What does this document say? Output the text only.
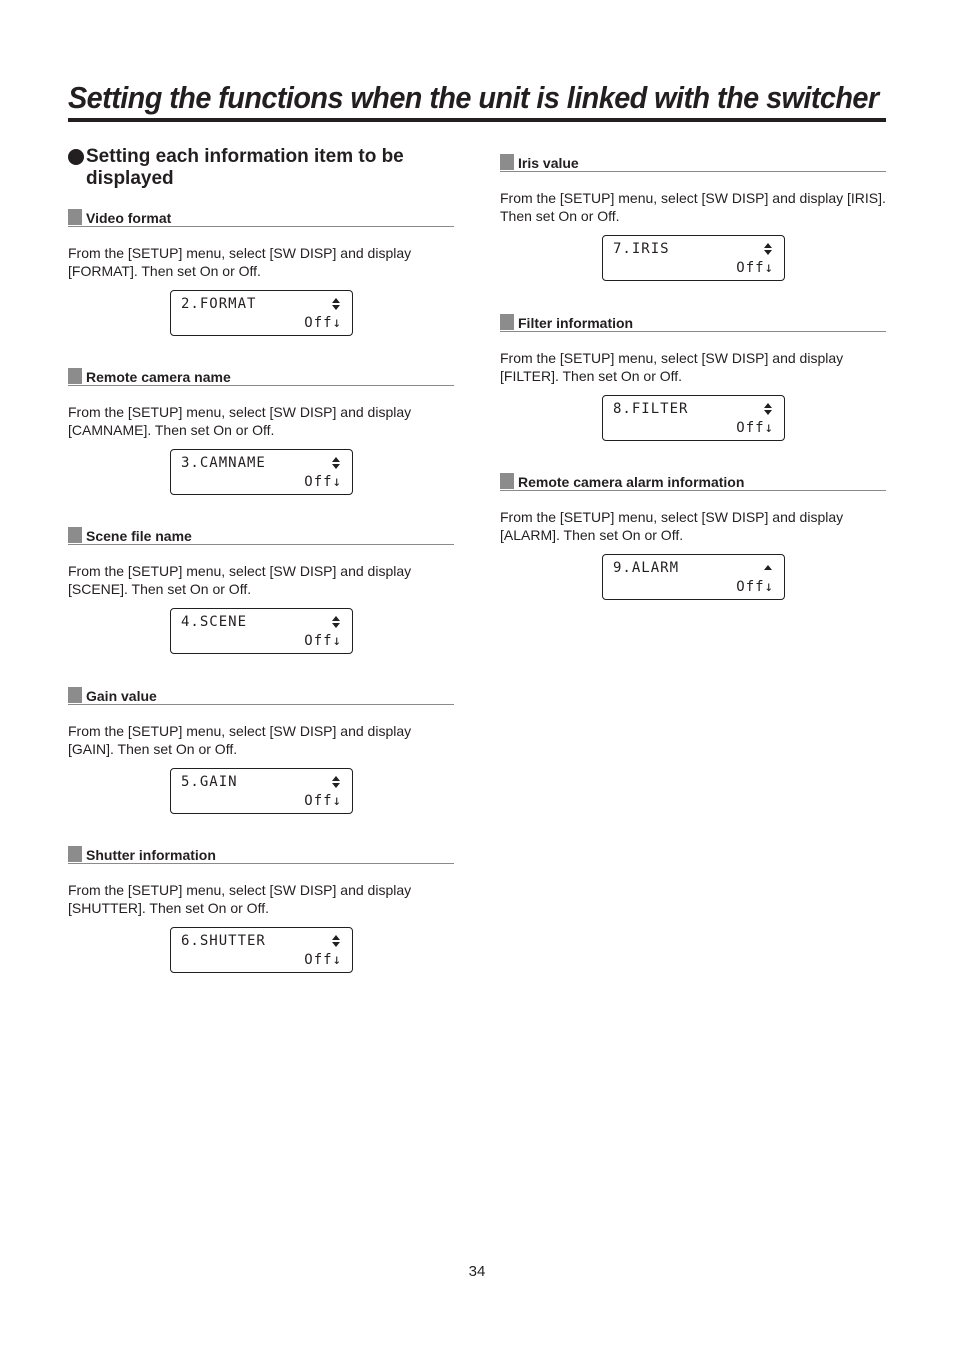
Setting the functions when the unit is linked with the switcher
Setting each information item to be displayed
Video format
From the [SETUP] menu, select [SW DISP] and display [FORMAT]. Then set On or Off.
2.FORMAT
Off↓
Remote camera name
From the [SETUP] menu, select [SW DISP] and display [CAMNAME]. Then set On or Off.
3.CAMNAME
Off↓
Scene file name
From the [SETUP] menu, select [SW DISP] and display [SCENE]. Then set On or Off.
4.SCENE
Off↓
Gain value
From the [SETUP] menu, select [SW DISP] and display [GAIN]. Then set On or Off.
5.GAIN
Off↓
Shutter information
From the [SETUP] menu, select [SW DISP] and display [SHUTTER]. Then set On or Off.
6.SHUTTER
Off↓
Iris value
From the [SETUP] menu, select [SW DISP] and display [IRIS]. Then set On or Off.
7.IRIS
Off↓
Filter information
From the [SETUP] menu, select [SW DISP] and display [FILTER]. Then set On or Off.
8.FILTER
Off↓
Remote camera alarm information
From the [SETUP] menu, select [SW DISP] and display [ALARM]. Then set On or Off.
9.ALARM
Off↓
34
